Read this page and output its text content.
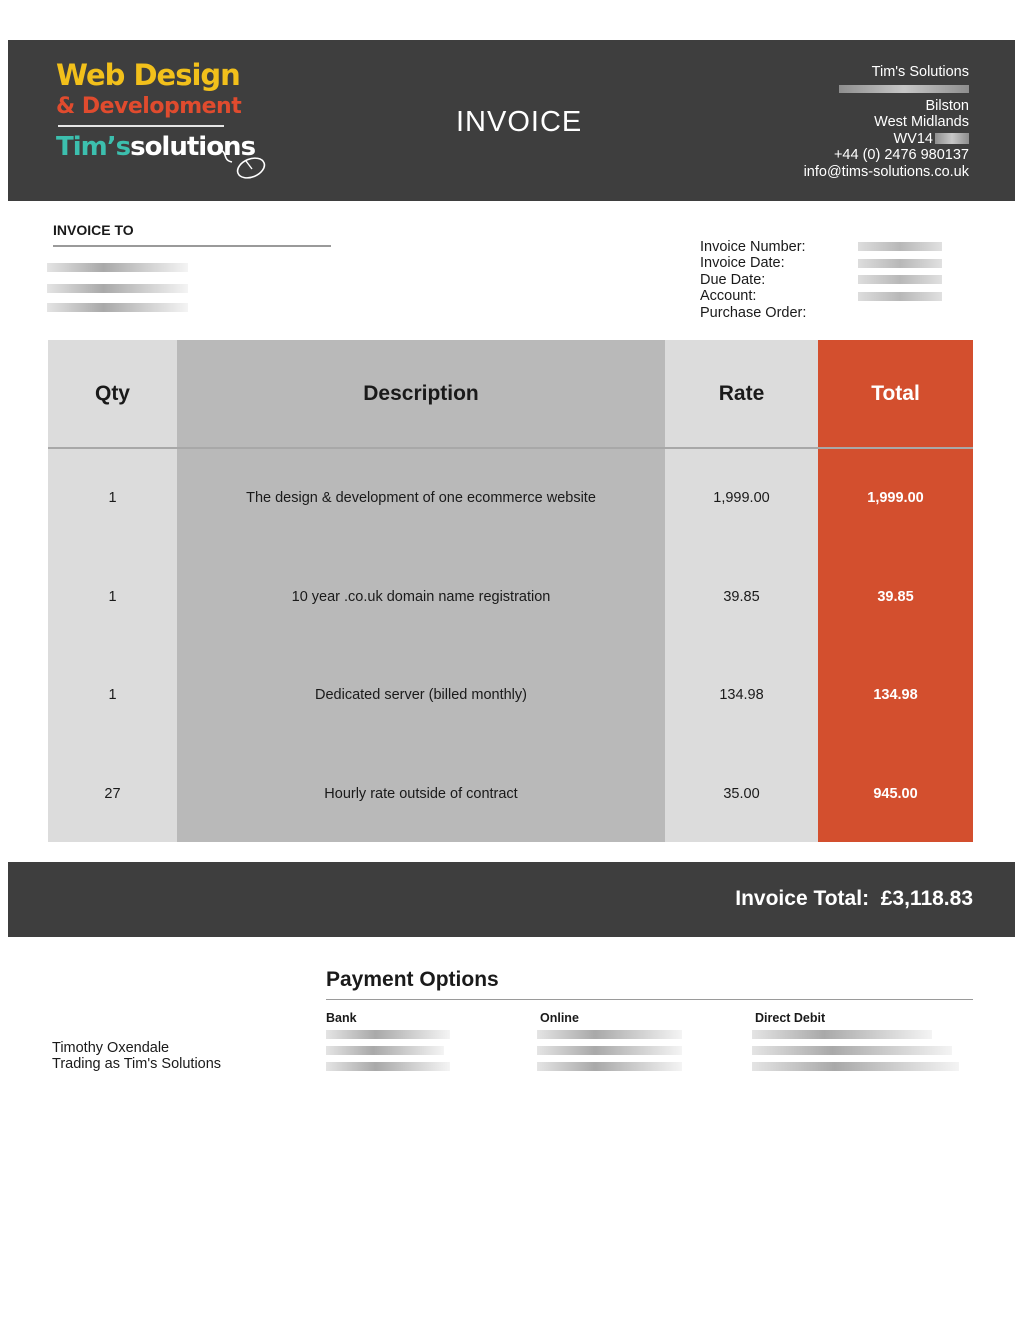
Web Design
& Development
Tim’ssolutions
INVOICE
Tim's Solutions
Bilston
West Midlands
WV14
+44 (0) 2476 980137
info@tims-solutions.co.uk
INVOICE TO
Invoice Number:
Invoice Date:
Due Date:
Account:
Purchase Order:
Qty	Description	Rate	Total
1	The design & development of one ecommerce website	1,999.00	1,999.00
1	10 year .co.uk domain name registration	39.85	39.85
1	Dedicated server (billed monthly)	134.98	134.98
27	Hourly rate outside of contract	35.00	945.00
Invoice Total: £3,118.83
Payment Options
Bank	Online	Direct Debit
Timothy Oxendale
Trading as Tim's Solutions
